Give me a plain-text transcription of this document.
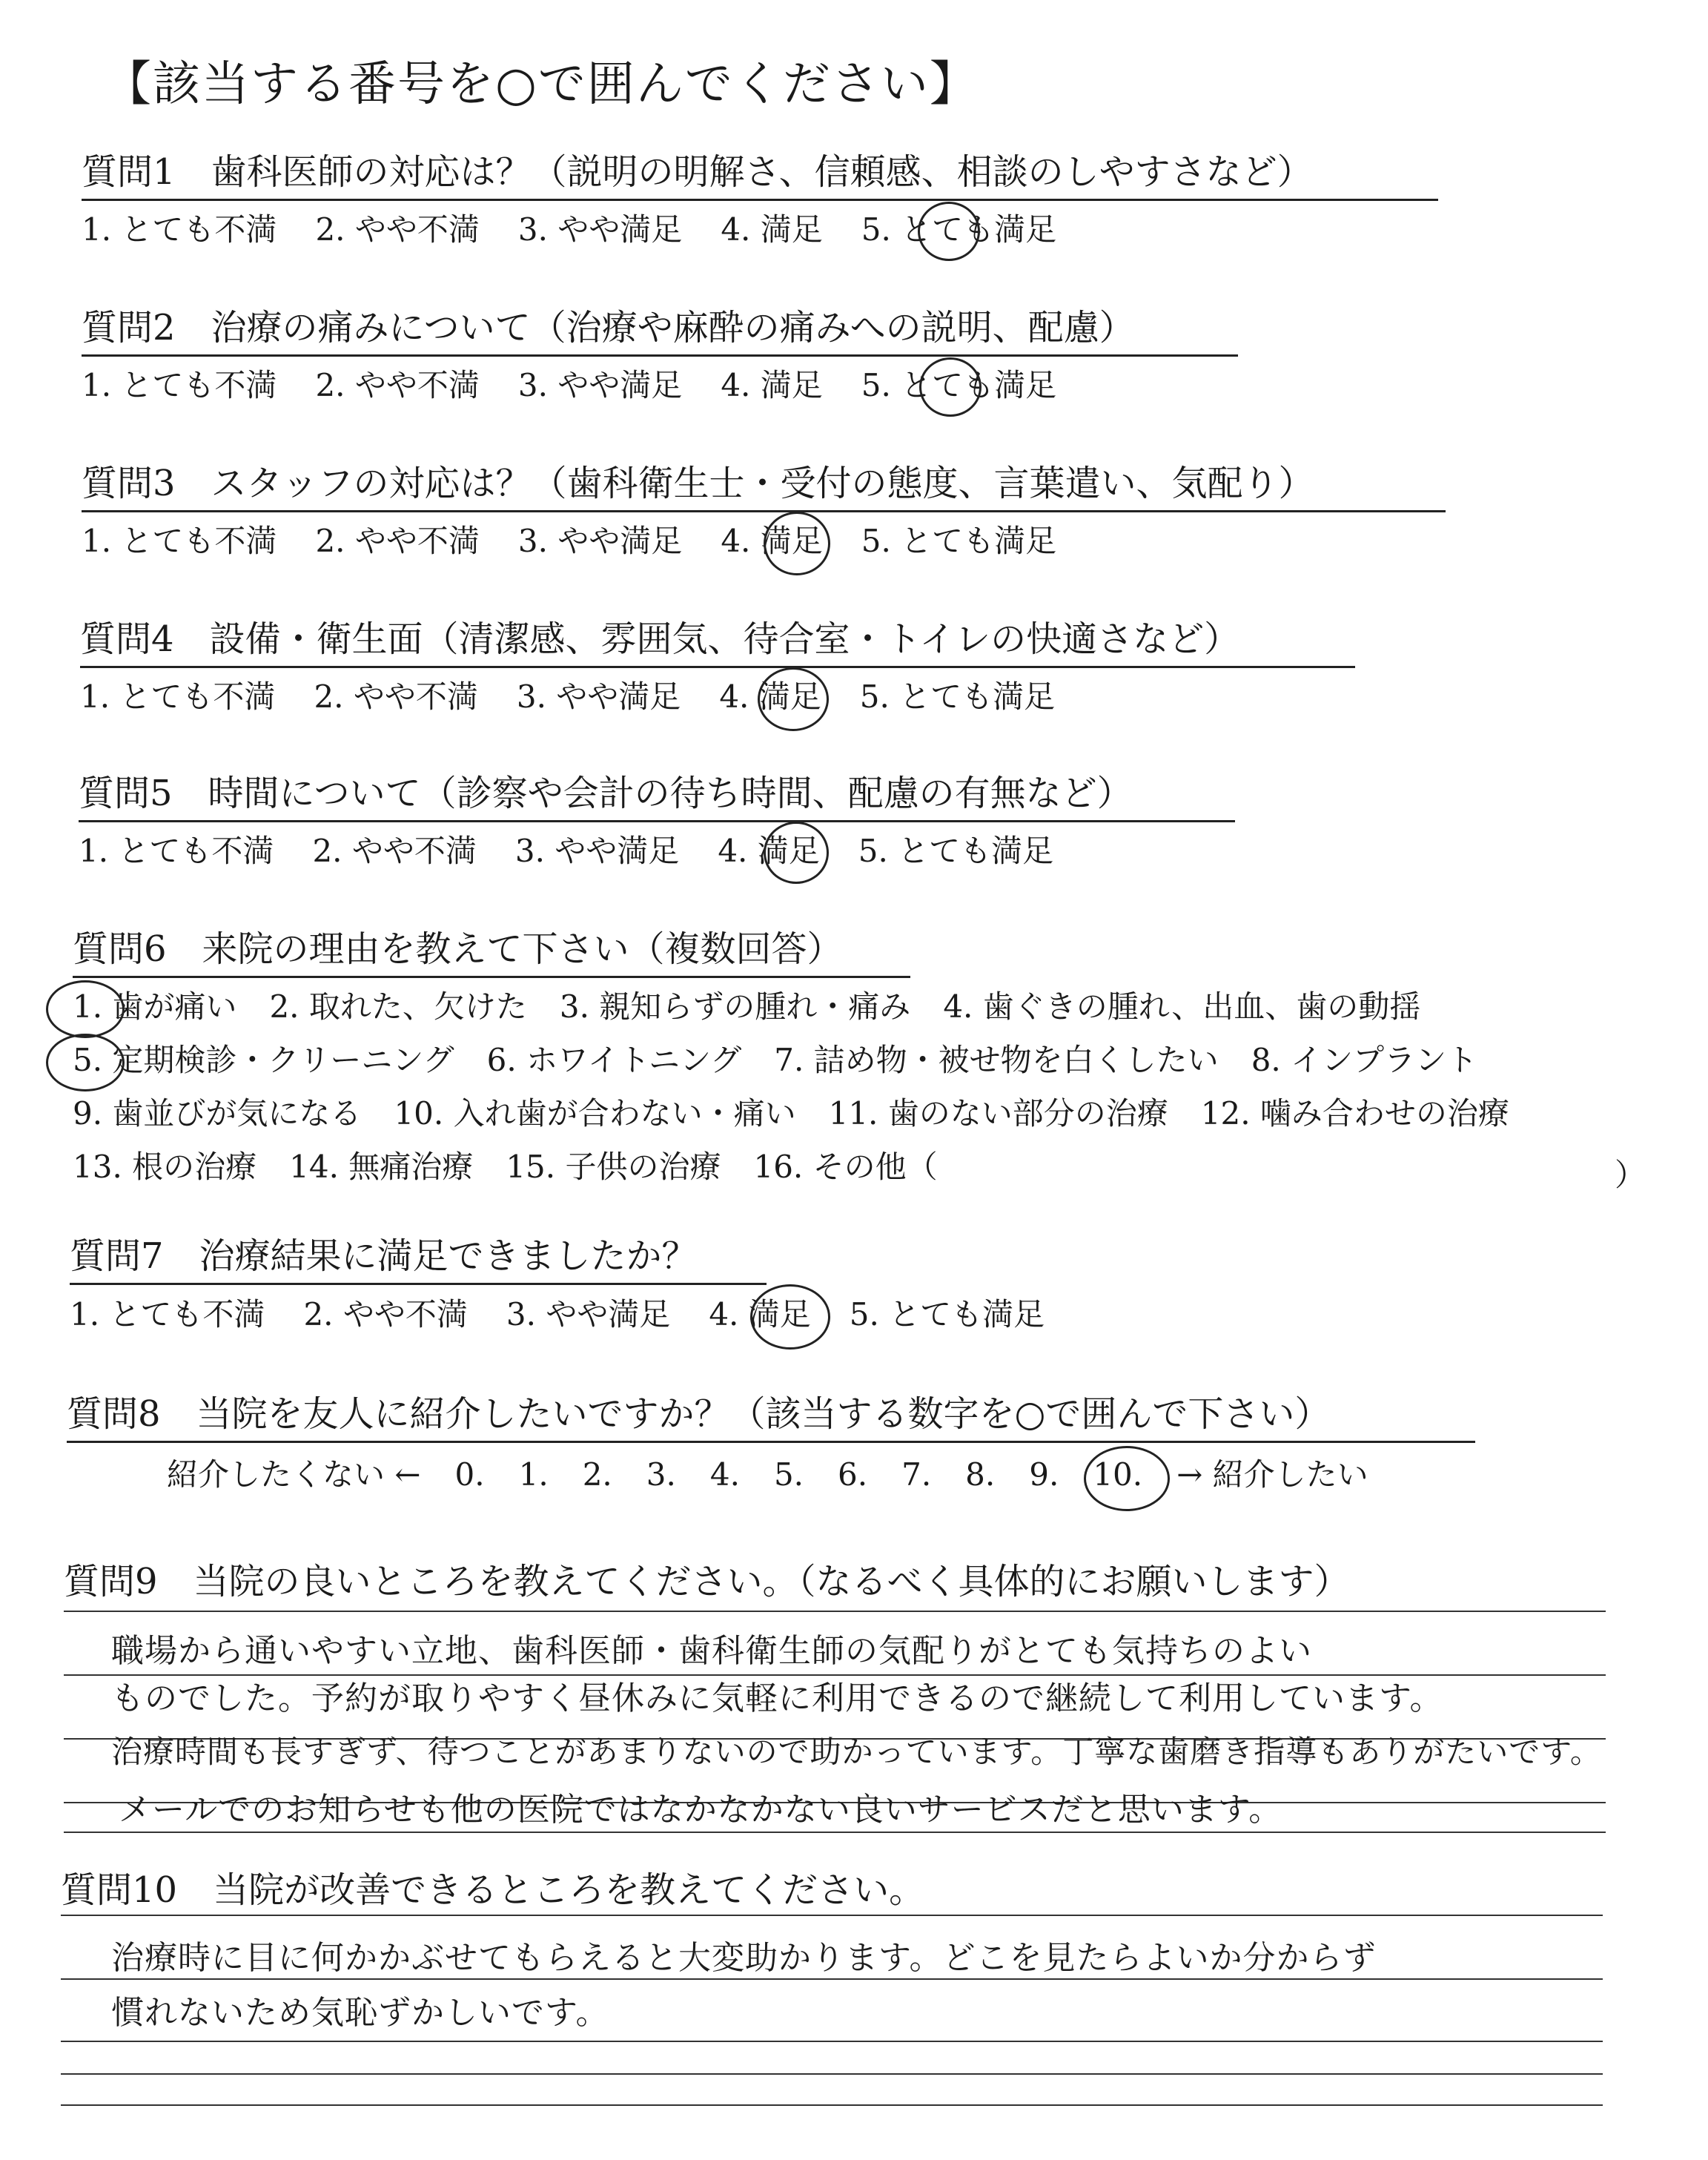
【該当する番号を○で囲んでください】
質問1　歯科医師の対応は？（説明の明解さ、信頼感、相談のしやすさなど）
1. とても不満 2. やや不満 3. やや満足 4. 満足 5. とても満足
質問2　治療の痛みについて（治療や麻酔の痛みへの説明、配慮）
1. とても不満 2. やや不満 3. やや満足 4. 満足 5. とても満足
質問3　スタッフの対応は？（歯科衛生士・受付の態度、言葉遣い、気配り）
1. とても不満 2. やや不満 3. やや満足 4. 満足 5. とても満足
質問4　設備・衛生面（清潔感、雰囲気、待合室・トイレの快適さなど）
1. とても不満 2. やや不満 3. やや満足 4. 満足 5. とても満足
質問5　時間について（診察や会計の待ち時間、配慮の有無など）
1. とても不満 2. やや不満 3. やや満足 4. 満足 5. とても満足
質問6　来院の理由を教えて下さい（複数回答）
1. 歯が痛い 2. 取れた、欠けた 3. 親知らずの腫れ・痛み 4. 歯ぐきの腫れ、出血、歯の動揺
5. 定期検診・クリーニング 6. ホワイトニング 7. 詰め物・被せ物を白くしたい 8. インプラント
9. 歯並びが気になる 10. 入れ歯が合わない・痛い 11. 歯のない部分の治療 12. 噛み合わせの治療
13. 根の治療 14. 無痛治療 15. 子供の治療 16. その他（	）
質問7　治療結果に満足できましたか？
1. とても不満 2. やや不満 3. やや満足 4. 満足 5. とても満足
質問8　当院を友人に紹介したいですか？（該当する数字を○で囲んで下さい）
紹介したくない ← 0. 1. 2. 3. 4. 5. 6. 7. 8. 9. 10. → 紹介したい
質問9　当院の良いところを教えてください。（なるべく具体的にお願いします）
職場から通いやすい立地、歯科医師・歯科衛生師の気配りがとても気持ちのよい
ものでした。予約が取りやすく昼休みに気軽に利用できるので継続して利用しています。
治療時間も長すぎず、待つことがあまりないので助かっています。丁寧な歯磨き指導もありがたいです。
メールでのお知らせも他の医院ではなかなかない良いサービスだと思います。
質問10　当院が改善できるところを教えてください。
治療時に目に何かかぶせてもらえると大変助かります。どこを見たらよいか分からず
慣れないため気恥ずかしいです。
